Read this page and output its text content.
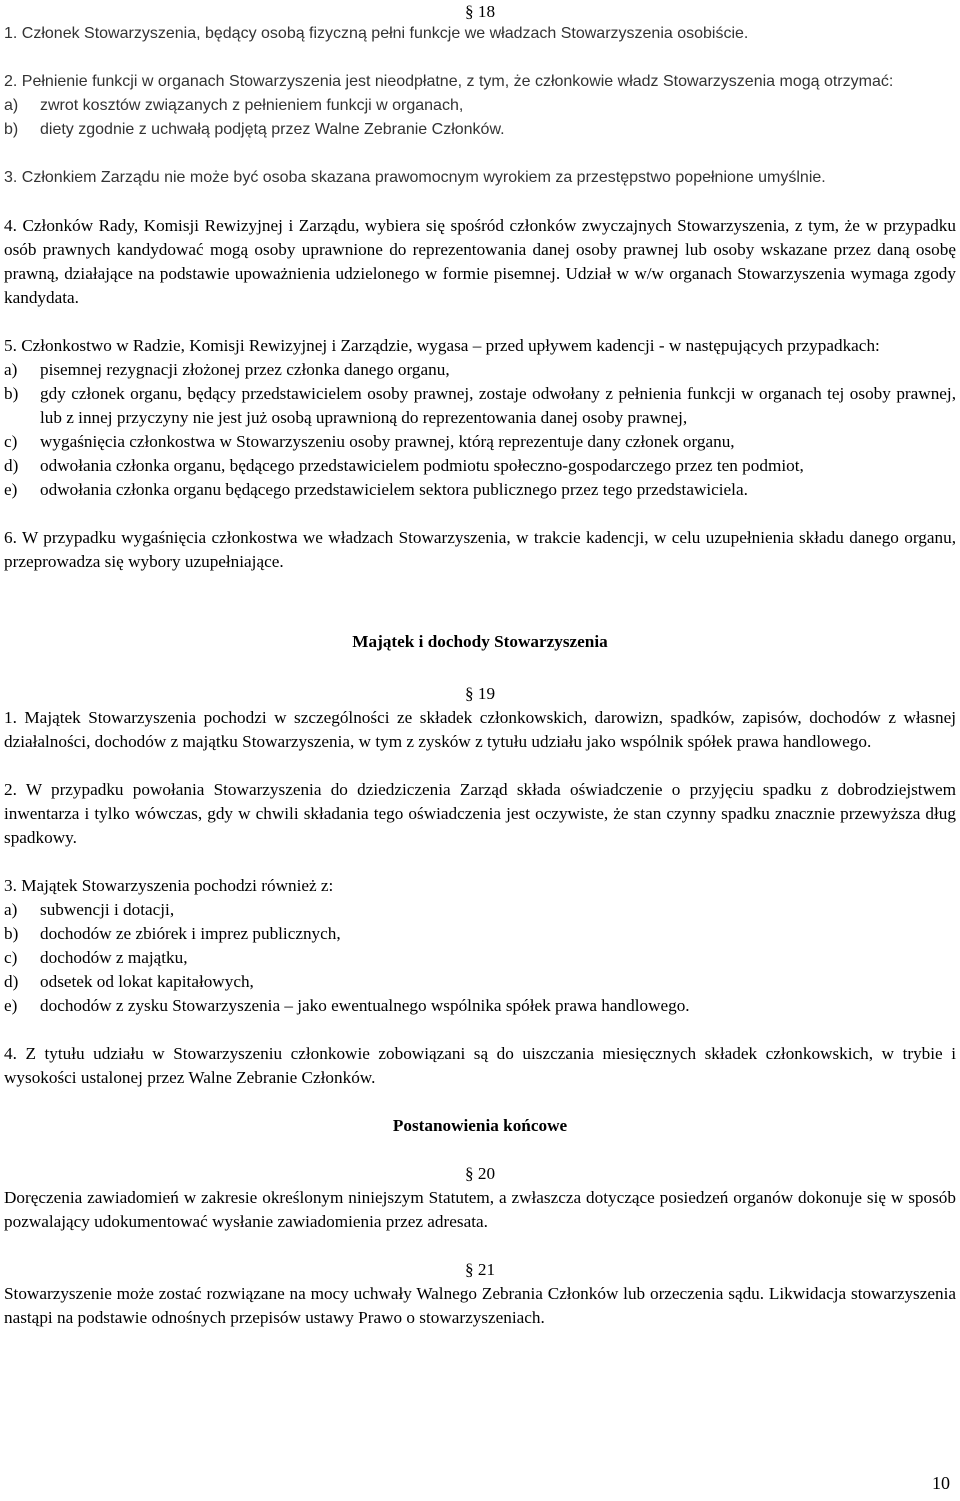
§ 18

1. Członek Stowarzyszenia, będący osobą fizyczną pełni funkcje we władzach Stowarzyszenia osobiście.

2. Pełnienie funkcji w organach Stowarzyszenia jest nieodpłatne, z tym, że członkowie władz Stowarzyszenia mogą otrzymać:

a)	zwrot kosztów związanych z pełnieniem funkcji w organach,
b)	diety zgodnie z uchwałą podjętą przez Walne Zebranie Członków.

3. Członkiem Zarządu nie może być osoba skazana prawomocnym wyrokiem za przestępstwo popełnione umyślnie.

4. Członków Rady, Komisji Rewizyjnej i Zarządu, wybiera się spośród członków zwyczajnych Stowarzyszenia, z tym, że w przypadku osób prawnych kandydować mogą osoby uprawnione do reprezentowania danej osoby prawnej lub osoby wskazane przez daną osobę prawną, działające na podstawie upoważnienia udzielonego w formie pisemnej. Udział w w/w organach Stowarzyszenia wymaga zgody kandydata.

5. Członkostwo w Radzie, Komisji Rewizyjnej i Zarządzie, wygasa – przed upływem kadencji - w następujących przypadkach:

a)	pisemnej rezygnacji złożonej przez członka danego organu,
b)	gdy członek organu, będący przedstawicielem osoby prawnej, zostaje odwołany z pełnienia funkcji w organach tej osoby prawnej, lub z innej przyczyny nie jest już osobą uprawnioną do reprezentowania danej osoby prawnej,
c)	wygaśnięcia członkostwa w Stowarzyszeniu osoby prawnej, którą reprezentuje dany członek organu,
d)	odwołania członka organu, będącego przedstawicielem podmiotu społeczno-gospodarczego przez ten podmiot,
e)	odwołania członka organu będącego przedstawicielem sektora publicznego przez tego przedstawiciela.

6. W przypadku wygaśnięcia członkostwa we władzach Stowarzyszenia, w trakcie kadencji, w celu uzupełnienia składu danego organu, przeprowadza się wybory uzupełniające.

Majątek i dochody Stowarzyszenia
§ 19

1. Majątek Stowarzyszenia pochodzi w szczególności ze składek członkowskich, darowizn, spadków, zapisów, dochodów z własnej działalności, dochodów z majątku Stowarzyszenia, w tym z zysków z tytułu udziału jako wspólnik spółek prawa handlowego.

2. W przypadku powołania Stowarzyszenia do dziedziczenia Zarząd składa oświadczenie o przyjęciu spadku z dobrodziejstwem inwentarza i tylko wówczas, gdy w chwili składania tego oświadczenia jest oczywiste, że stan czynny spadku znacznie przewyższa dług spadkowy.

3. Majątek Stowarzyszenia pochodzi również z:

a)	subwencji i dotacji,
b)	dochodów ze zbiórek i imprez publicznych,
c)	dochodów z majątku,
d)	odsetek od lokat kapitałowych,
e)	dochodów z zysku Stowarzyszenia – jako ewentualnego wspólnika spółek prawa handlowego.

4. Z tytułu udziału w Stowarzyszeniu członkowie zobowiązani są do uiszczania miesięcznych składek członkowskich, w trybie i wysokości ustalonej przez Walne Zebranie Członków.

Postanowienia końcowe
§ 20

Doręczenia zawiadomień w zakresie określonym niniejszym Statutem, a zwłaszcza dotyczące posiedzeń organów dokonuje się w sposób pozwalający udokumentować wysłanie zawiadomienia przez adresata.

§ 21

Stowarzyszenie może zostać rozwiązane na mocy uchwały Walnego Zebrania Członków lub orzeczenia sądu. Likwidacja stowarzyszenia nastąpi na podstawie odnośnych przepisów ustawy Prawo o stowarzyszeniach.

10
